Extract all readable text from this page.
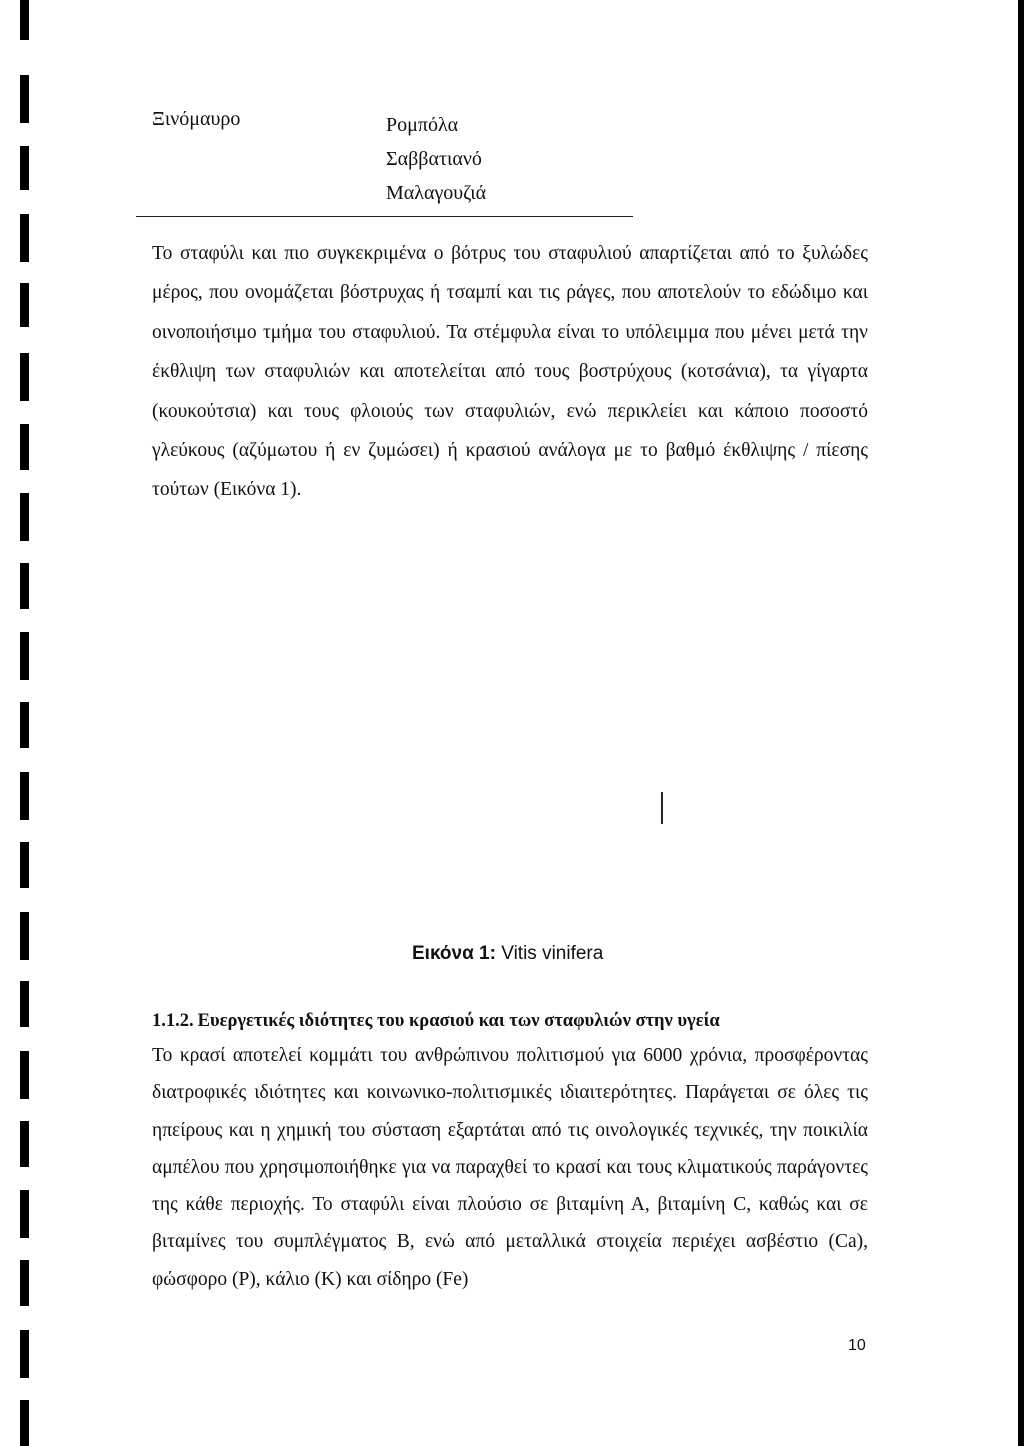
Ξινόμαυρο	Ρομπόλα
Σαββατιανό
Μαλαγουζιά

Το σταφύλι και πιο συγκεκριμένα ο βότρυς του σταφυλιού απαρτίζεται από το ξυλώδες μέρος, που ονομάζεται βόστρυχας ή τσαμπί και τις ράγες, που αποτελούν το εδώδιμο και οινοποιήσιμο τμήμα του σταφυλιού. Τα στέμφυλα είναι το υπόλειμμα που μένει μετά την έκθλιψη των σταφυλιών και αποτελείται από τους βοστρύχους (κοτσάνια), τα γίγαρτα (κουκούτσια) και τους φλοιούς των σταφυλιών, ενώ περικλείει και κάποιο ποσοστό γλεύκους (αζύμωτου ή εν ζυμώσει) ή κρασιού ανάλογα με το βαθμό έκθλιψης / πίεσης τούτων (Εικόνα 1).

Εικόνα 1: Vitis vinifera
1.1.2. Ευεργετικές ιδιότητες του κρασιού και των σταφυλιών στην υγεία

Το κρασί αποτελεί κομμάτι του ανθρώπινου πολιτισμού για 6000 χρόνια, προσφέροντας διατροφικές ιδιότητες και κοινωνικο-πολιτισμικές ιδιαιτερότητες. Παράγεται σε όλες τις ηπείρους και η χημική του σύσταση εξαρτάται από τις οινολογικές τεχνικές, την ποικιλία αμπέλου που χρησιμοποιήθηκε για να παραχθεί το κρασί και τους κλιματικούς παράγοντες της κάθε περιοχής. Το σταφύλι είναι πλούσιο σε βιταμίνη Α, βιταμίνη C, καθώς και σε βιταμίνες του συμπλέγματος Β, ενώ από μεταλλικά στοιχεία περιέχει ασβέστιο (Ca), φώσφορο (P), κάλιο (K) και σίδηρο (Fe)

10
